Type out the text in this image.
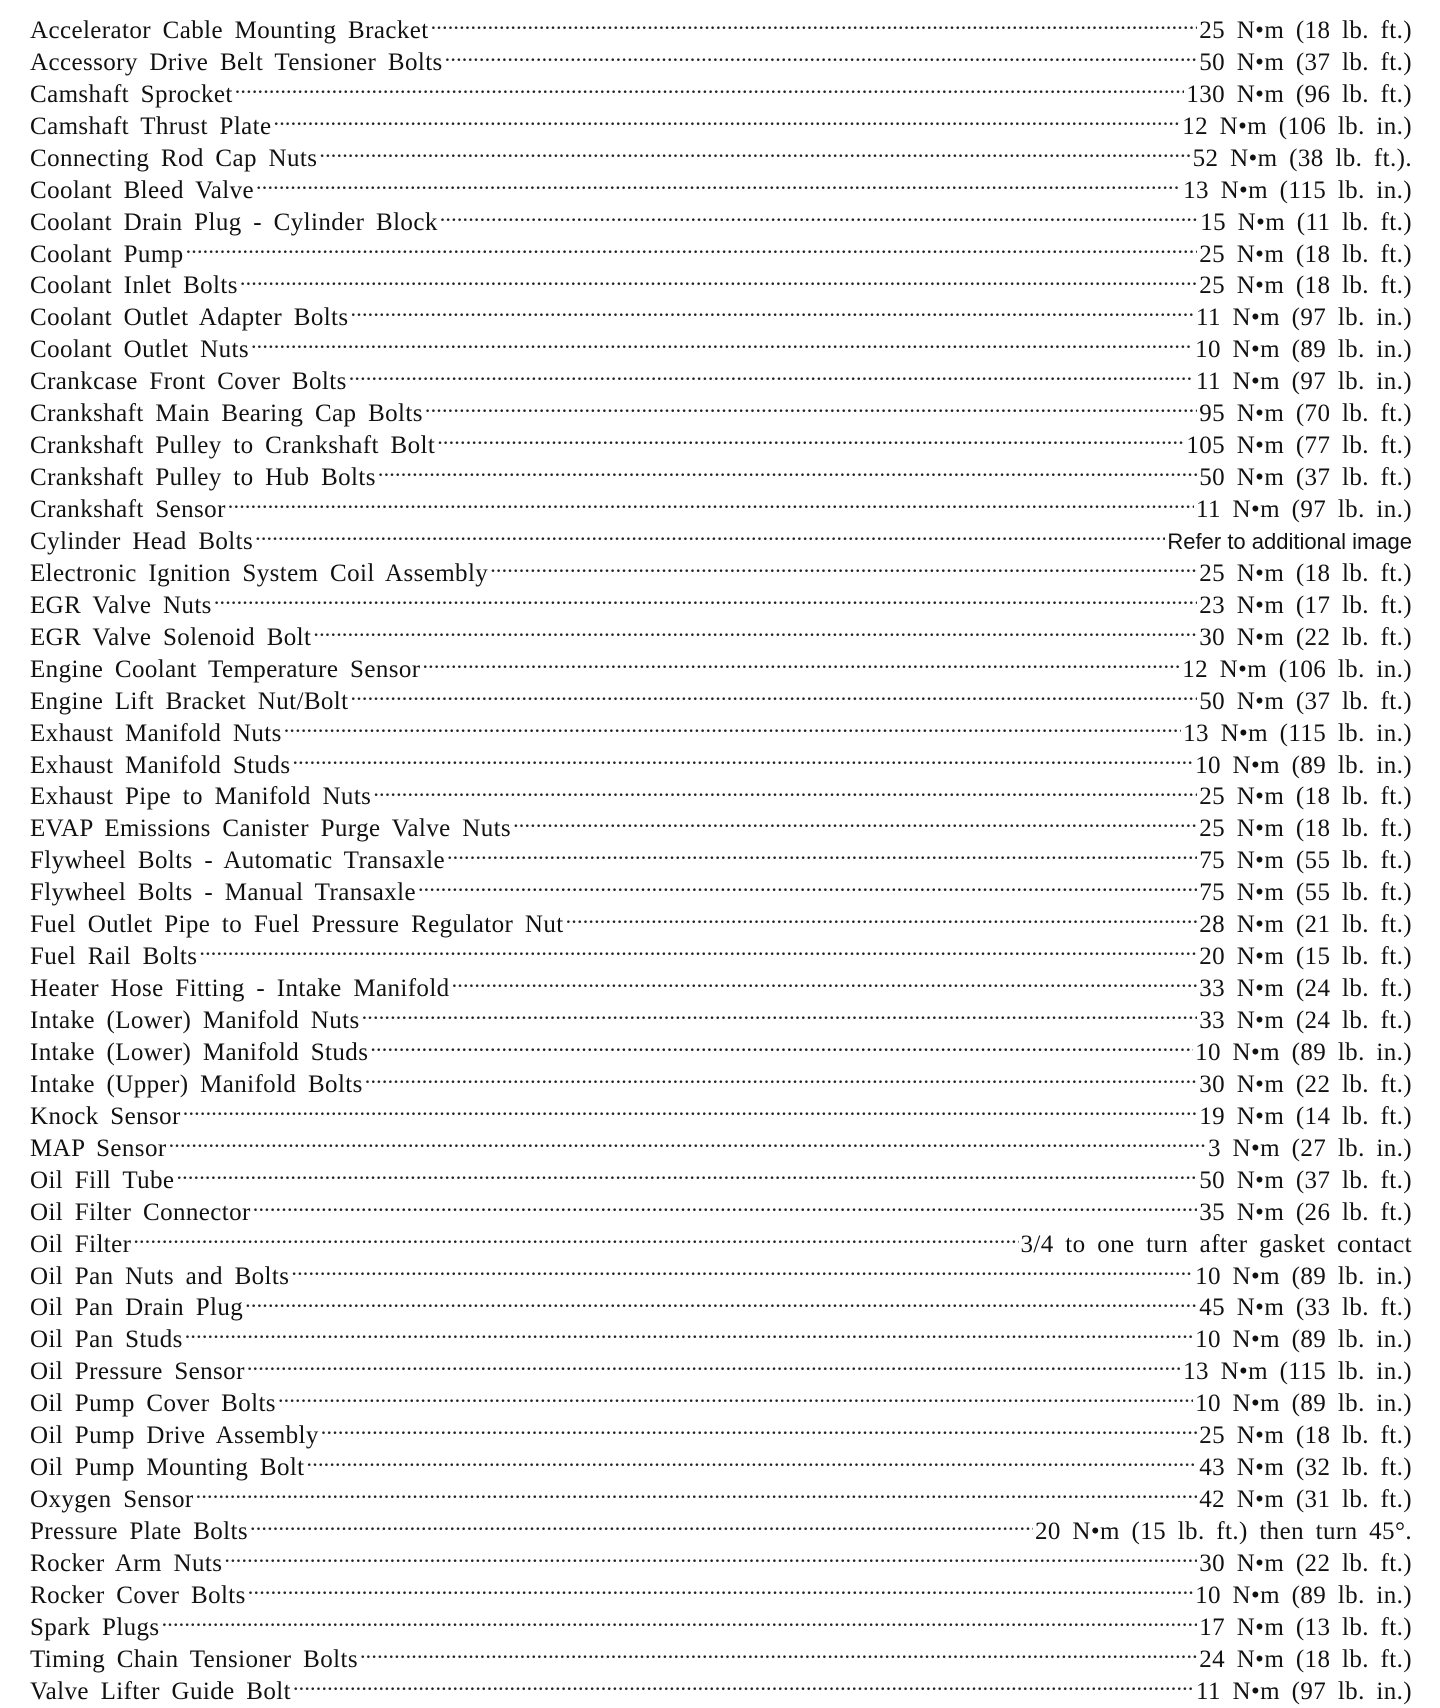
Accelerator Cable Mounting Bracket .....	25 N•m (18 lb. ft.)
Accessory Drive Belt Tensioner Bolts .....	50 N•m (37 lb. ft.)
Camshaft Sprocket .....	130 N•m (96 lb. ft.)
Camshaft Thrust Plate .....	12 N•m (106 lb. in.)
Connecting Rod Cap Nuts .....	52 N•m (38 lb. ft.).
Coolant Bleed Valve .....	13 N•m (115 lb. in.)
Coolant Drain Plug - Cylinder Block .....	15 N•m (11 lb. ft.)
Coolant Pump .....	25 N•m (18 lb. ft.)
Coolant Inlet Bolts .....	25 N•m (18 lb. ft.)
Coolant Outlet Adapter Bolts .....	11 N•m (97 lb. in.)
Coolant Outlet Nuts .....	10 N•m (89 lb. in.)
Crankcase Front Cover Bolts .....	11 N•m (97 lb. in.)
Crankshaft Main Bearing Cap Bolts .....	95 N•m (70 lb. ft.)
Crankshaft Pulley to Crankshaft Bolt .....	105 N•m (77 lb. ft.)
Crankshaft Pulley to Hub Bolts .....	50 N•m (37 lb. ft.)
Crankshaft Sensor .....	11 N•m (97 lb. in.)
Cylinder Head Bolts .....	Refer to additional image
Electronic Ignition System Coil Assembly .....	25 N•m (18 lb. ft.)
EGR Valve Nuts .....	23 N•m (17 lb. ft.)
EGR Valve Solenoid Bolt .....	30 N•m (22 lb. ft.)
Engine Coolant Temperature Sensor .....	12 N•m (106 lb. in.)
Engine Lift Bracket Nut/Bolt .....	50 N•m (37 lb. ft.)
Exhaust Manifold Nuts .....	13 N•m (115 lb. in.)
Exhaust Manifold Studs .....	10 N•m (89 lb. in.)
Exhaust Pipe to Manifold Nuts .....	25 N•m (18 lb. ft.)
EVAP Emissions Canister Purge Valve Nuts .....	25 N•m (18 lb. ft.)
Flywheel Bolts - Automatic Transaxle .....	75 N•m (55 lb. ft.)
Flywheel Bolts - Manual Transaxle .....	75 N•m (55 lb. ft.)
Fuel Outlet Pipe to Fuel Pressure Regulator Nut .....	28 N•m (21 lb. ft.)
Fuel Rail Bolts .....	20 N•m (15 lb. ft.)
Heater Hose Fitting - Intake Manifold .....	33 N•m (24 lb. ft.)
Intake (Lower) Manifold Nuts .....	33 N•m (24 lb. ft.)
Intake (Lower) Manifold Studs .....	10 N•m (89 lb. in.)
Intake (Upper) Manifold Bolts .....	30 N•m (22 lb. ft.)
Knock Sensor .....	19 N•m (14 lb. ft.)
MAP Sensor .....	3 N•m (27 lb. in.)
Oil Fill Tube .....	50 N•m (37 lb. ft.)
Oil Filter Connector .....	35 N•m (26 lb. ft.)
Oil Filter .....	3/4 to one turn after gasket contact
Oil Pan Nuts and Bolts .....	10 N•m (89 lb. in.)
Oil Pan Drain Plug .....	45 N•m (33 lb. ft.)
Oil Pan Studs .....	10 N•m (89 lb. in.)
Oil Pressure Sensor .....	13 N•m (115 lb. in.)
Oil Pump Cover Bolts .....	10 N•m (89 lb. in.)
Oil Pump Drive Assembly .....	25 N•m (18 lb. ft.)
Oil Pump Mounting Bolt .....	43 N•m (32 lb. ft.)
Oxygen Sensor .....	42 N•m (31 lb. ft.)
Pressure Plate Bolts .....	20 N•m (15 lb. ft.) then turn 45°.
Rocker Arm Nuts .....	30 N•m (22 lb. ft.)
Rocker Cover Bolts .....	10 N•m (89 lb. in.)
Spark Plugs .....	17 N•m (13 lb. ft.)
Timing Chain Tensioner Bolts .....	24 N•m (18 lb. ft.)
Valve Lifter Guide Bolt .....	11 N•m (97 lb. in.)
